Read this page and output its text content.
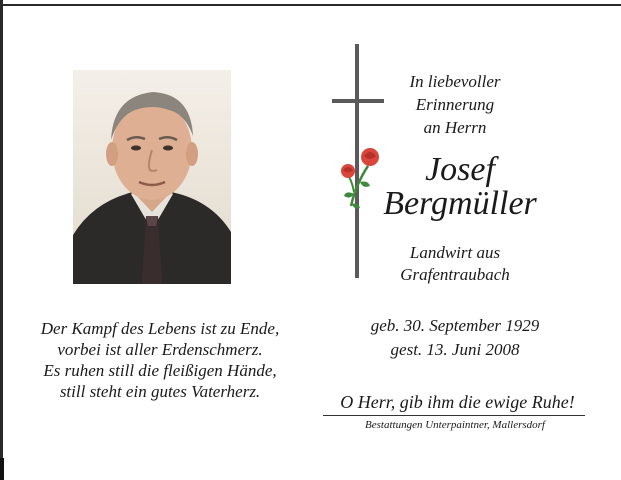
In liebevoller
Erinnerung
an Herrn
Josef
Bergmüller
Landwirt aus
Grafentraubach
Der Kampf des Lebens ist zu Ende,
vorbei ist aller Erdenschmerz.
Es ruhen still die fleißigen Hände,
still steht ein gutes Vaterherz.
geb. 30. September 1929
gest. 13. Juni 2008
O Herr, gib ihm die ewige Ruhe!
Bestattungen Unterpaintner, Mallersdorf
